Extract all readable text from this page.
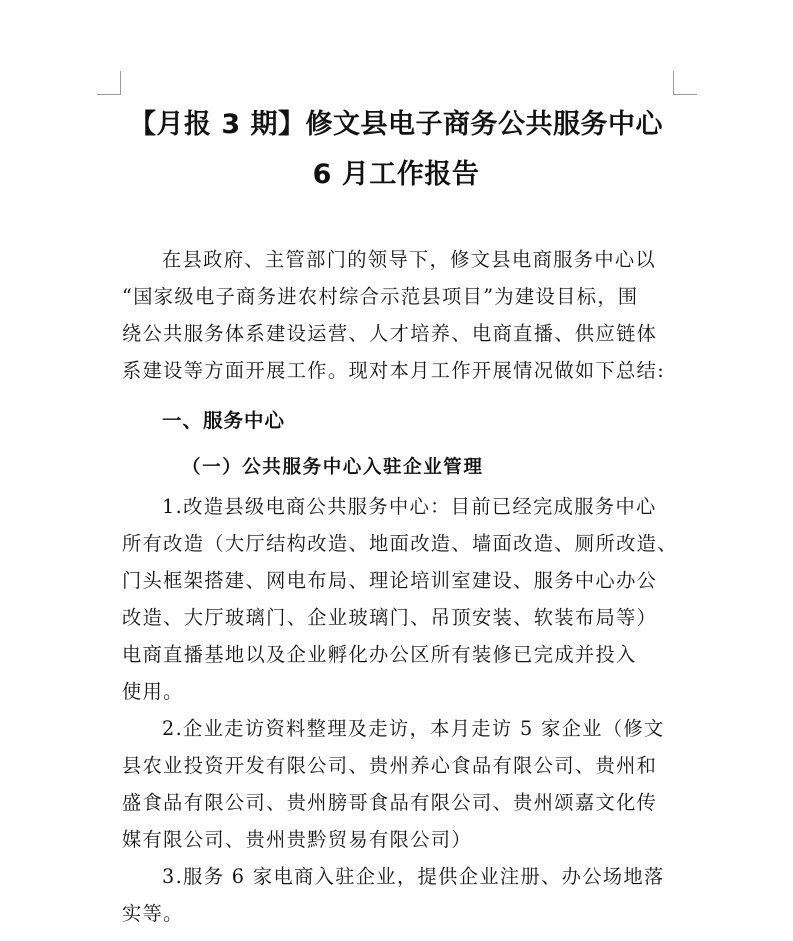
【月报 3 期】修文县电子商务公共服务中心
6 月工作报告
在县政府、主管部门的领导下，修文县电商服务中心以
“国家级电子商务进农村综合示范县项目”为建设目标，围
绕公共服务体系建设运营、人才培养、电商直播、供应链体
系建设等方面开展工作。现对本月工作开展情况做如下总结:
一、服务中心
（一）公共服务中心入驻企业管理
1.改造县级电商公共服务中心：目前已经完成服务中心
所有改造（大厅结构改造、地面改造、墙面改造、厕所改造、
门头框架搭建、网电布局、理论培训室建设、服务中心办公
改造、大厅玻璃门、企业玻璃门、吊顶安装、软装布局等）
电商直播基地以及企业孵化办公区所有装修已完成并投入
使用。
2.企业走访资料整理及走访，本月走访 5 家企业（修文
县农业投资开发有限公司、贵州养心食品有限公司、贵州和
盛食品有限公司、贵州膀哥食品有限公司、贵州颂嘉文化传
媒有限公司、贵州贵黔贸易有限公司）
3.服务 6 家电商入驻企业，提供企业注册、办公场地落
实等。
